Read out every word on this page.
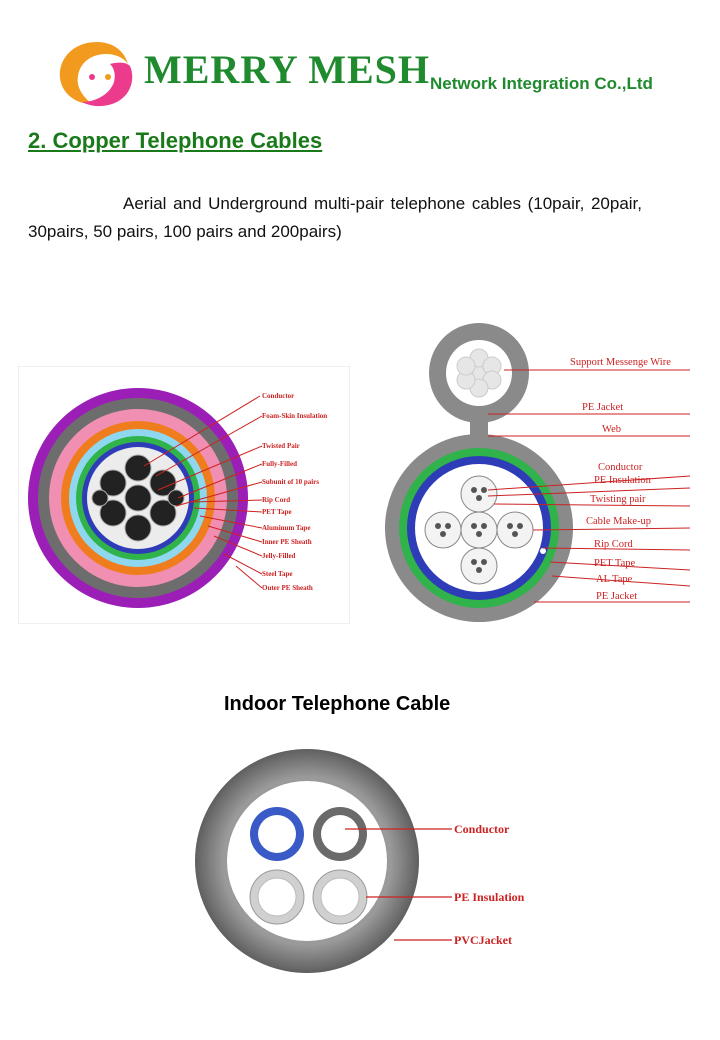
MERRY MESH Network Integration Co.,Ltd
2. Copper Telephone Cables
Aerial and Underground multi-pair telephone cables (10pair, 20pair, 30pairs, 50 pairs, 100 pairs and 200pairs)
Conductor
Foam-Skin Insulation
Twisted Pair
Fully-Filled
Subunit of 10 pairs
Rip Cord
PET Tape
Aluminum Tape
Inner PE Sheath
Jelly-Filled
Steel Tape
Outer PE Sheath
Support Messenge Wire
PE Jacket
Web
Conductor
PE Insulation
Twisting pair
Cable Make-up
Rip Cord
PET Tape
AL Tape
PE Jacket
Indoor Telephone Cable
Conductor
PE Insulation
PVCJacket
